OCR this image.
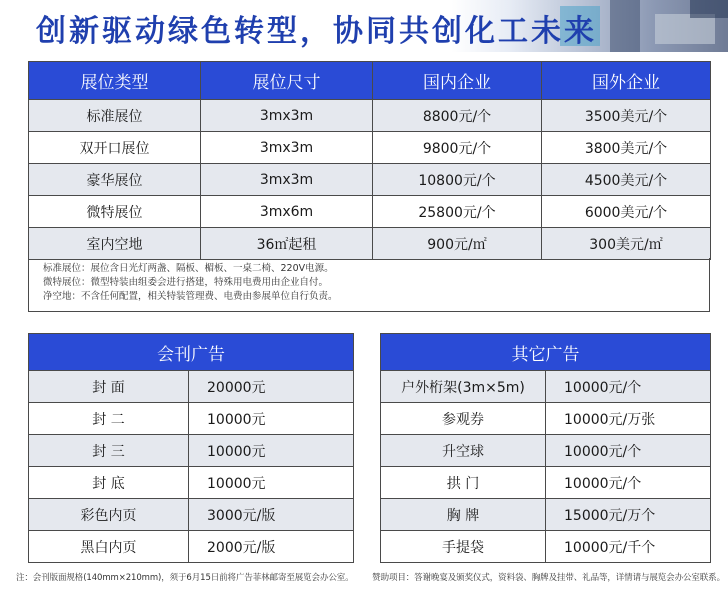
创新驱动绿色转型，协同共创化工未来
展位类型	展位尺寸	国内企业	国外企业
标准展位	3mx3m	8800元/个	3500美元/个
双开口展位	3mx3m	9800元/个	3800美元/个
豪华展位	3mx3m	10800元/个	4500美元/个
微特展位	3mx6m	25800元/个	6000美元/个
室内空地	36㎡起租	900元/㎡	300美元/㎡
标准展位：展位含日光灯两盏、隔板、楣板、一桌二椅、220V电源。
微特展位：微型特装由组委会进行搭建，特殊用电费用由企业自付。
净空地：不含任何配置，相关特装管理费、电费由参展单位自行负责。
会刊广告	
封 面	20000元
封 二	10000元
封 三	10000元
封 底	10000元
彩色内页	3000元/版
黑白内页	2000元/版
其它广告	
户外桁架(3m×5m)	10000元/个
参观券	10000元/万张
升空球	10000元/个
拱 门	10000元/个
胸 牌	15000元/万个
手提袋	10000元/千个
注：会刊版面规格(140mm×210mm)，须于6月15日前将广告菲林邮寄至展览会办公室。 赞助项目：答谢晚宴及颁奖仪式，资料袋、胸牌及挂带、礼品等，详情请与展览会办公室联系。
